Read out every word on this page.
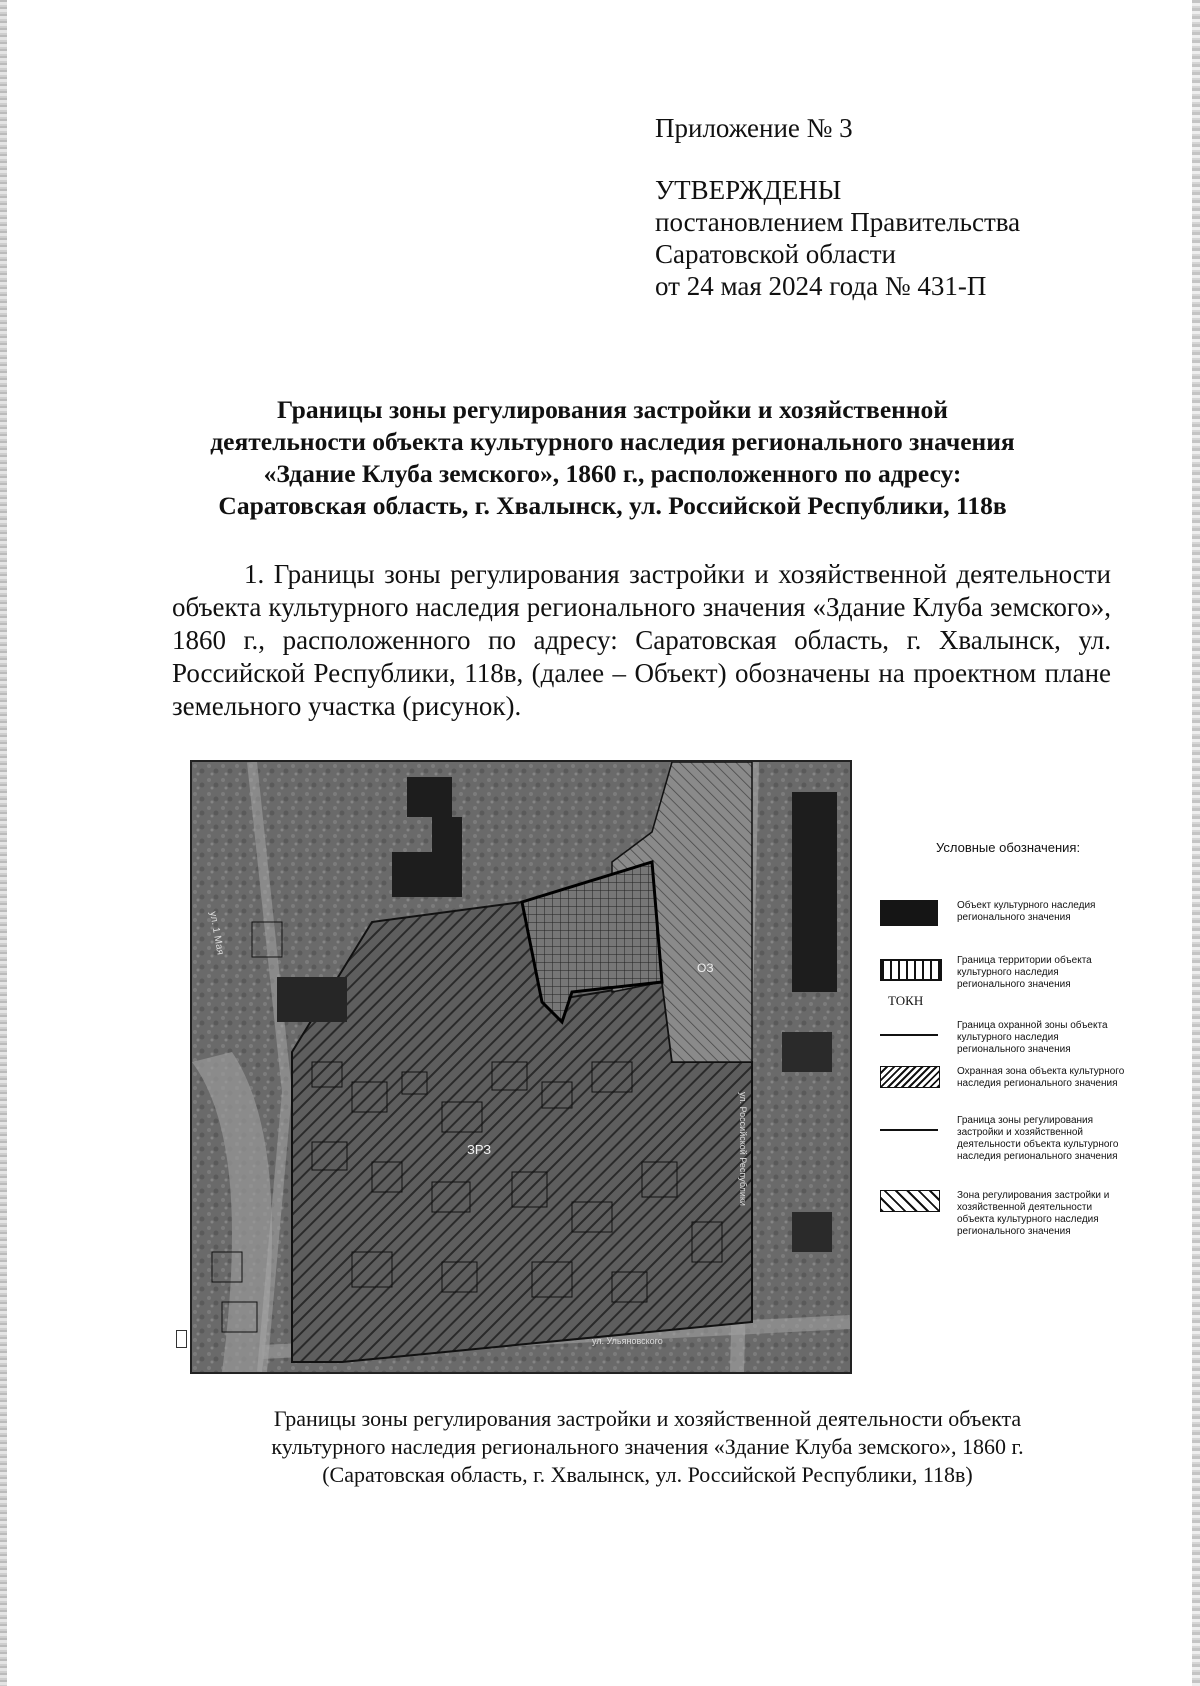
Приложение № 3
УТВЕРЖДЕНЫ
постановлением Правительства
Саратовской области
от 24 мая 2024 года № 431-П
Границы зоны регулирования застройки и хозяйственной
деятельности объекта культурного наследия регионального значения
«Здание Клуба земского», 1860 г., расположенного по адресу:
Саратовская область, г. Хвалынск, ул. Российской Республики, 118в
1. Границы зоны регулирования застройки и хозяйственной деятельности объекта культурного наследия регионального значения «Здание Клуба земского», 1860 г., расположенного по адресу: Саратовская область, г. Хвалынск, ул. Российской Республики, 118в, (далее – Объект) обозначены на проектном плане земельного участка (рисунок).
ЗРЗ
ОЗ
ул. 1 Мая
ул. Ульяновского
ул. Российской Республики
Условные обозначения:
Объект культурного наследия регионального значения
ТОКН
Граница территории объекта культурного наследия регионального значения
Граница охранной зоны объекта культурного наследия регионального значения
Охранная зона объекта культурного наследия регионального значения
Граница зоны регулирования застройки и хозяйственной деятельности объекта культурного наследия регионального значения
Зона регулирования застройки и хозяйственной деятельности объекта культурного наследия регионального значения
Границы зоны регулирования застройки и хозяйственной деятельности объекта
культурного наследия регионального значения «Здание Клуба земского», 1860 г.
(Саратовская область, г. Хвалынск, ул. Российской Республики, 118в)
